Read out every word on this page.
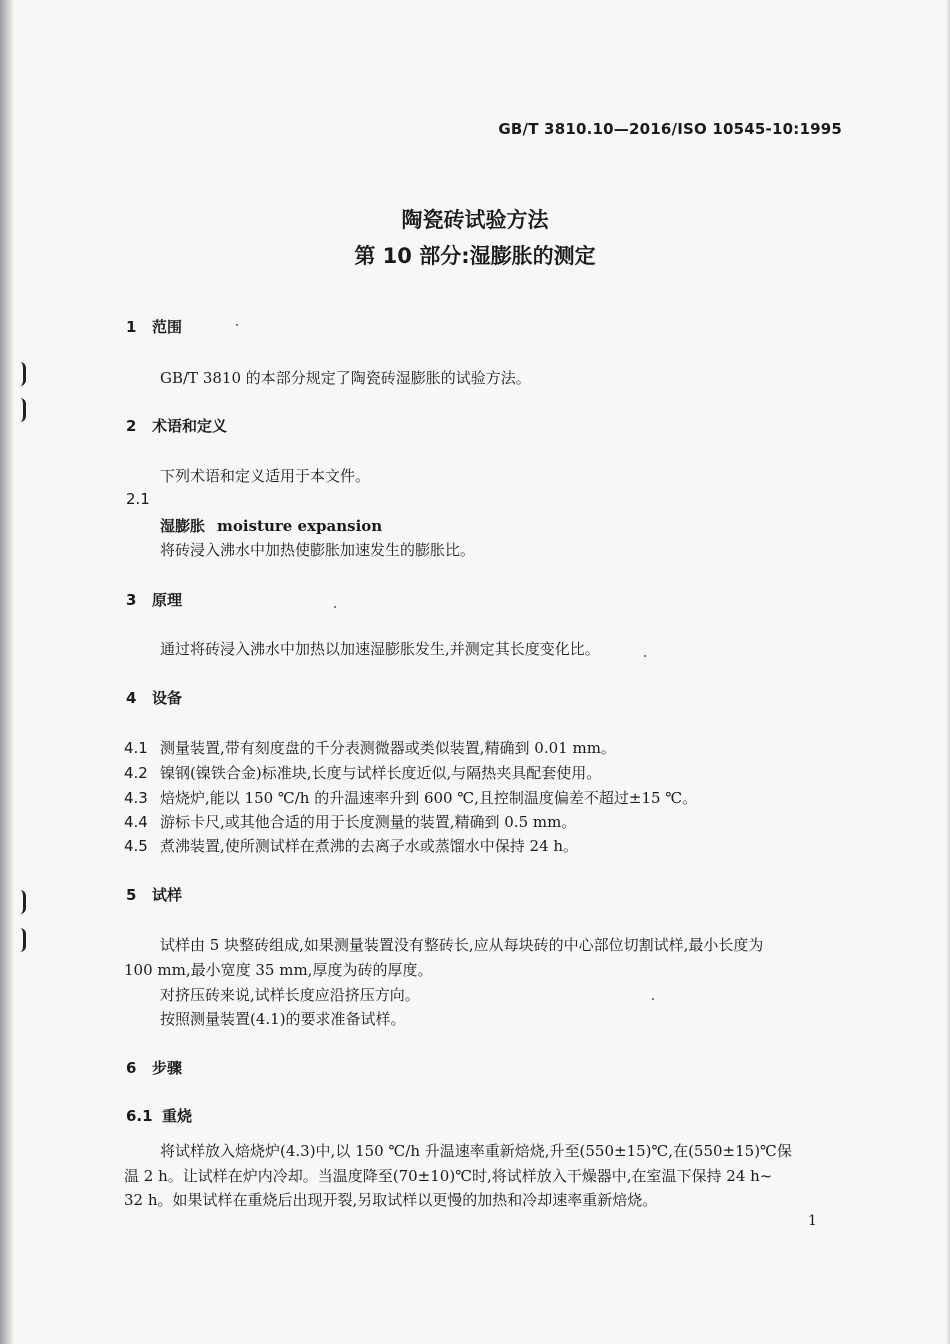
GB/T 3810.10—2016/ISO 10545-10:1995
陶瓷砖试验方法
第 10 部分:湿膨胀的测定
1 范围
GB/T 3810 的本部分规定了陶瓷砖湿膨胀的试验方法。
2 术语和定义
下列术语和定义适用于本文件。
2.1
湿膨胀 moisture expansion
将砖浸入沸水中加热使膨胀加速发生的膨胀比。
3 原理
通过将砖浸入沸水中加热以加速湿膨胀发生,并测定其长度变化比。
4 设备
4.1 测量装置,带有刻度盘的千分表测微器或类似装置,精确到 0.01 mm。
4.2 镍钢(镍铁合金)标准块,长度与试样长度近似,与隔热夹具配套使用。
4.3 焙烧炉,能以 150 ℃/h 的升温速率升到 600 ℃,且控制温度偏差不超过±15 ℃。
4.4 游标卡尺,或其他合适的用于长度测量的装置,精确到 0.5 mm。
4.5 煮沸装置,使所测试样在煮沸的去离子水或蒸馏水中保持 24 h。
5 试样
试样由 5 块整砖组成,如果测量装置没有整砖长,应从每块砖的中心部位切割试样,最小长度为
100 mm,最小宽度 35 mm,厚度为砖的厚度。
对挤压砖来说,试样长度应沿挤压方向。
按照测量装置(4.1)的要求准备试样。
6 步骤
6.1 重烧
将试样放入焙烧炉(4.3)中,以 150 ℃/h 升温速率重新焙烧,升至(550±15)℃,在(550±15)℃保
温 2 h。让试样在炉内冷却。当温度降至(70±10)℃时,将试样放入干燥器中,在室温下保持 24 h~
32 h。如果试样在重烧后出现开裂,另取试样以更慢的加热和冷却速率重新焙烧。
1
